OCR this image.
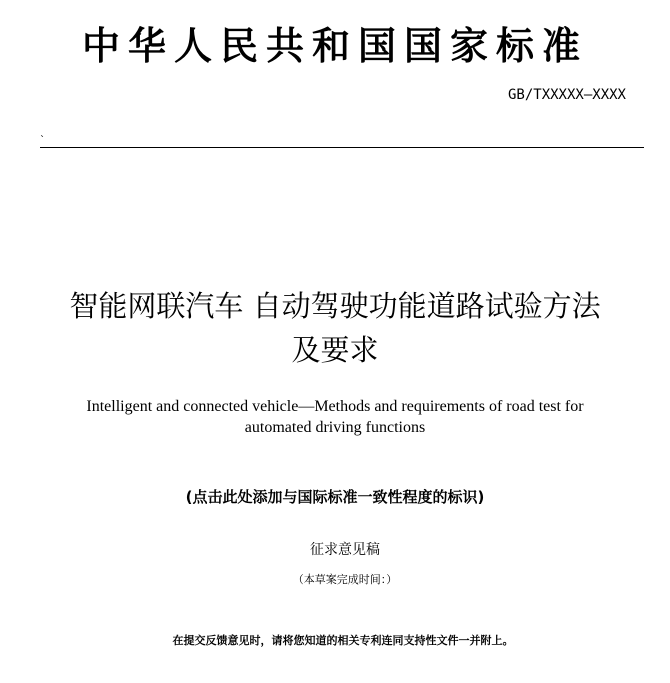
中华人民共和国国家标准
GB/TXXXXX—XXXX
`
智能网联汽车 自动驾驶功能道路试验方法
及要求
Intelligent and connected vehicle—Methods and requirements of road test for
automated driving functions
(点击此处添加与国际标准一致性程度的标识)
征求意见稿
（本草案完成时间：）
在提交反馈意见时，请将您知道的相关专利连同支持性文件一并附上。
